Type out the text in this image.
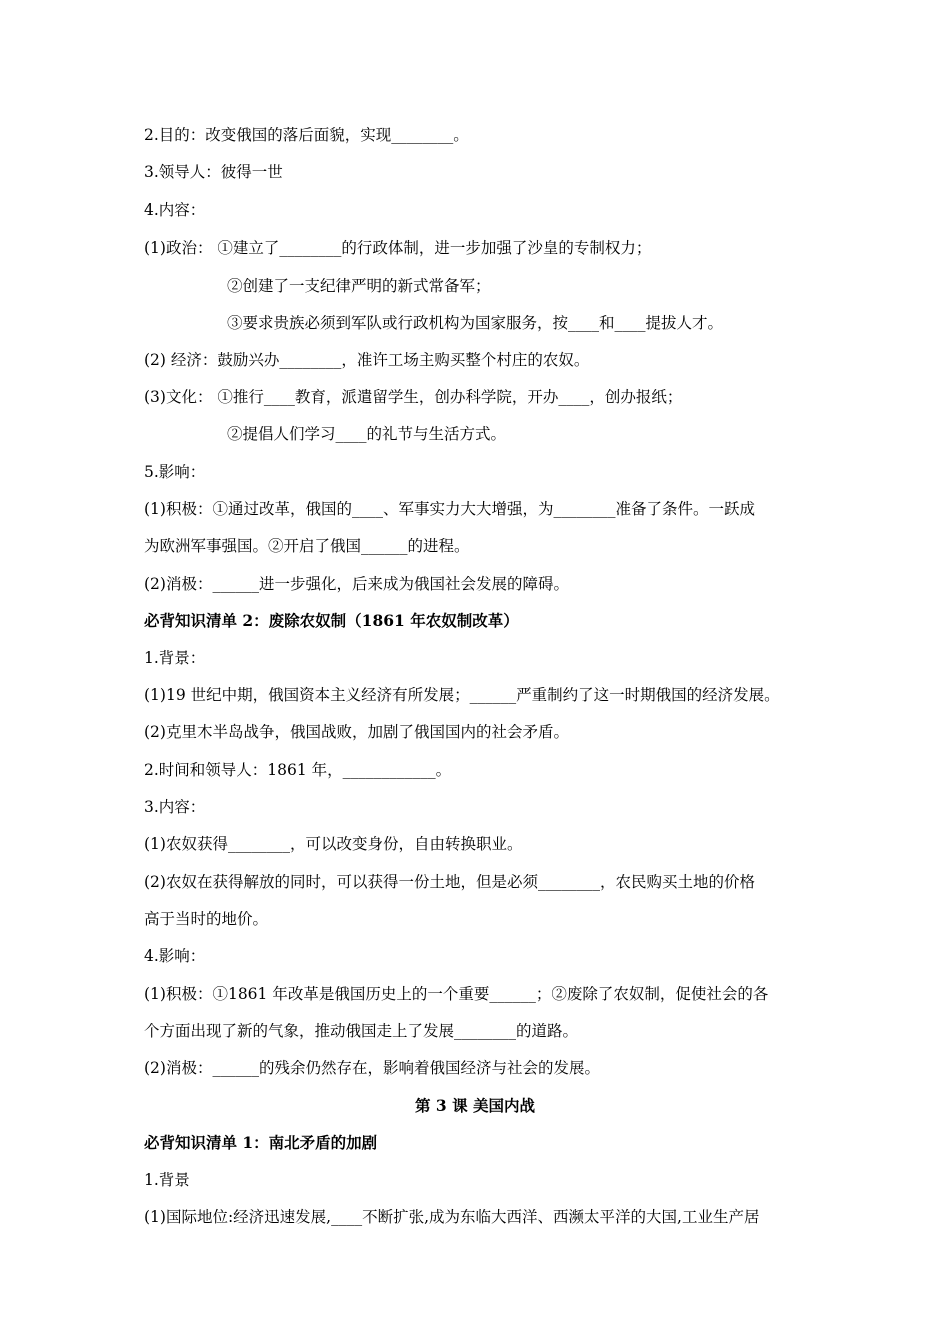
2.目的：改变俄国的落后面貌，实现________。
3.领导人：彼得一世
4.内容：
(1)政治： ①建立了________的行政体制，进一步加强了沙皇的专制权力；
②创建了一支纪律严明的新式常备军；
③要求贵族必须到军队或行政机构为国家服务，按____和____提拔人才。
(2) 经济：鼓励兴办________，准许工场主购买整个村庄的农奴。
(3)文化： ①推行____教育，派遣留学生，创办科学院，开办____，创办报纸；
②提倡人们学习____的礼节与生活方式。
5.影响：
(1)积极：①通过改革，俄国的____、军事实力大大增强，为________准备了条件。一跃成
为欧洲军事强国。②开启了俄国______的进程。
(2)消极：______进一步强化，后来成为俄国社会发展的障碍。
必背知识清单 2：废除农奴制（1861 年农奴制改革）
1.背景：
(1)19 世纪中期，俄国资本主义经济有所发展；______严重制约了这一时期俄国的经济发展。
(2)克里木半岛战争，俄国战败，加剧了俄国国内的社会矛盾。
2.时间和领导人：1861 年，____________。
3.内容：
(1)农奴获得________，可以改变身份，自由转换职业。
(2)农奴在获得解放的同时，可以获得一份土地，但是必须________，农民购买土地的价格
高于当时的地价。
4.影响：
(1)积极：①1861 年改革是俄国历史上的一个重要______；②废除了农奴制，促使社会的各
个方面出现了新的气象，推动俄国走上了发展________的道路。
(2)消极：______的残余仍然存在，影响着俄国经济与社会的发展。
第 3 课 美国内战
必背知识清单 1：南北矛盾的加剧
1.背景
(1)国际地位:经济迅速发展,____不断扩张,成为东临大西洋、西濒太平洋的大国,工业生产居
